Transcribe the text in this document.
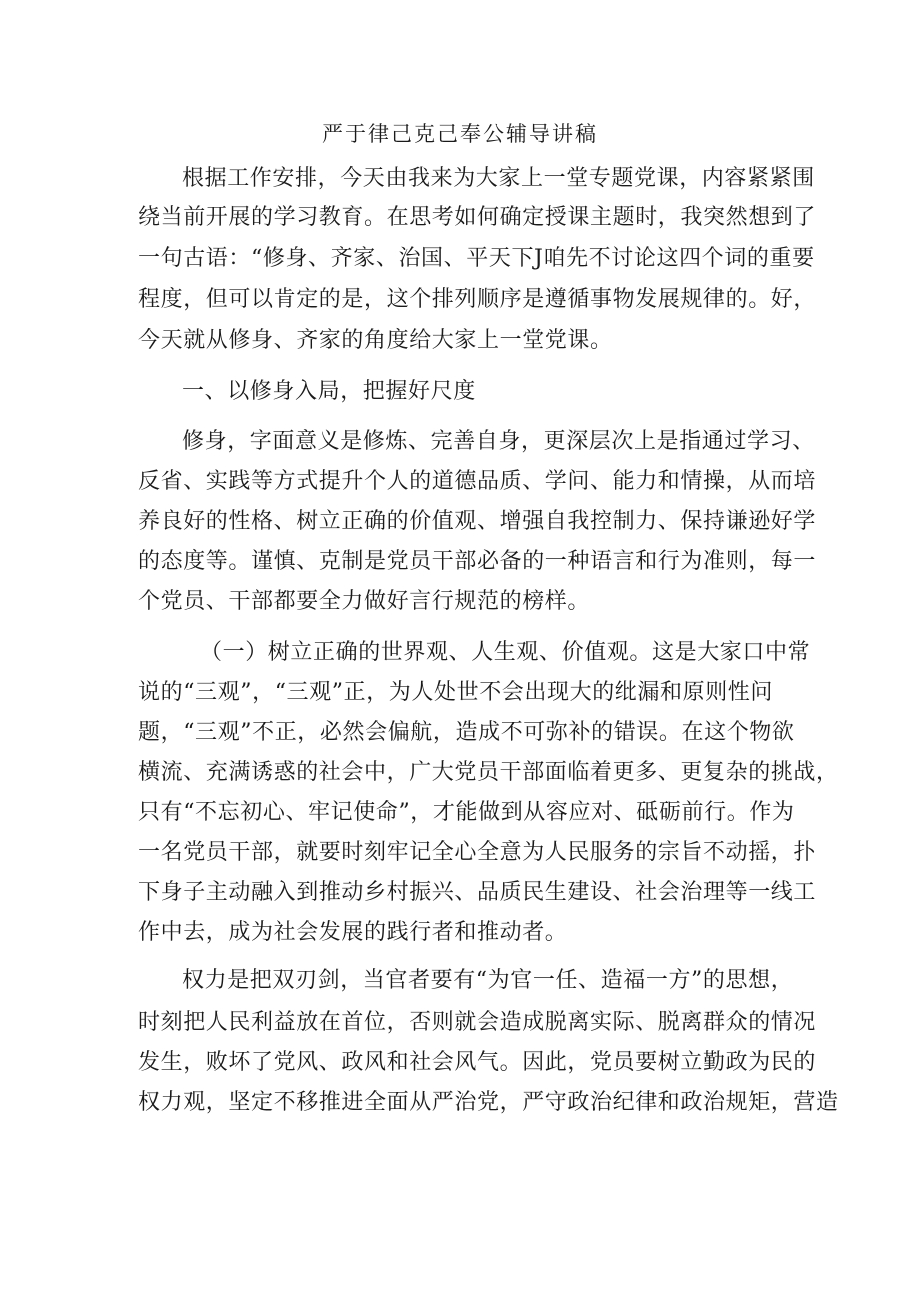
严于律己克己奉公辅导讲稿
根据工作安排，今天由我来为大家上一堂专题党课，内容紧紧围
绕当前开展的学习教育。在思考如何确定授课主题时，我突然想到了
一句古语：“修身、齐家、治国、平天下J咱先不讨论这四个词的重要
程度，但可以肯定的是，这个排列顺序是遵循事物发展规律的。好，
今天就从修身、齐家的角度给大家上一堂党课。
一、以修身入局，把握好尺度
修身，字面意义是修炼、完善自身，更深层次上是指通过学习、
反省、实践等方式提升个人的道德品质、学问、能力和情操，从而培
养良好的性格、树立正确的价值观、增强自我控制力、保持谦逊好学
的态度等。谨慎、克制是党员干部必备的一种语言和行为准则，每一
个党员、干部都要全力做好言行规范的榜样。
（一）树立正确的世界观、人生观、价值观。这是大家口中常
说的“三观”，“三观”正，为人处世不会出现大的纰漏和原则性问
题，“三观”不正，必然会偏航，造成不可弥补的错误。在这个物欲
横流、充满诱惑的社会中，广大党员干部面临着更多、更复杂的挑战，
只有“不忘初心、牢记使命”，才能做到从容应对、砥砺前行。作为
一名党员干部，就要时刻牢记全心全意为人民服务的宗旨不动摇，扑
下身子主动融入到推动乡村振兴、品质民生建设、社会治理等一线工
作中去，成为社会发展的践行者和推动者。
权力是把双刃剑，当官者要有“为官一任、造福一方”的思想，
时刻把人民利益放在首位，否则就会造成脱离实际、脱离群众的情况
发生，败坏了党风、政风和社会风气。因此，党员要树立勤政为民的
权力观，坚定不移推进全面从严治党，严守政治纪律和政治规矩，营造
